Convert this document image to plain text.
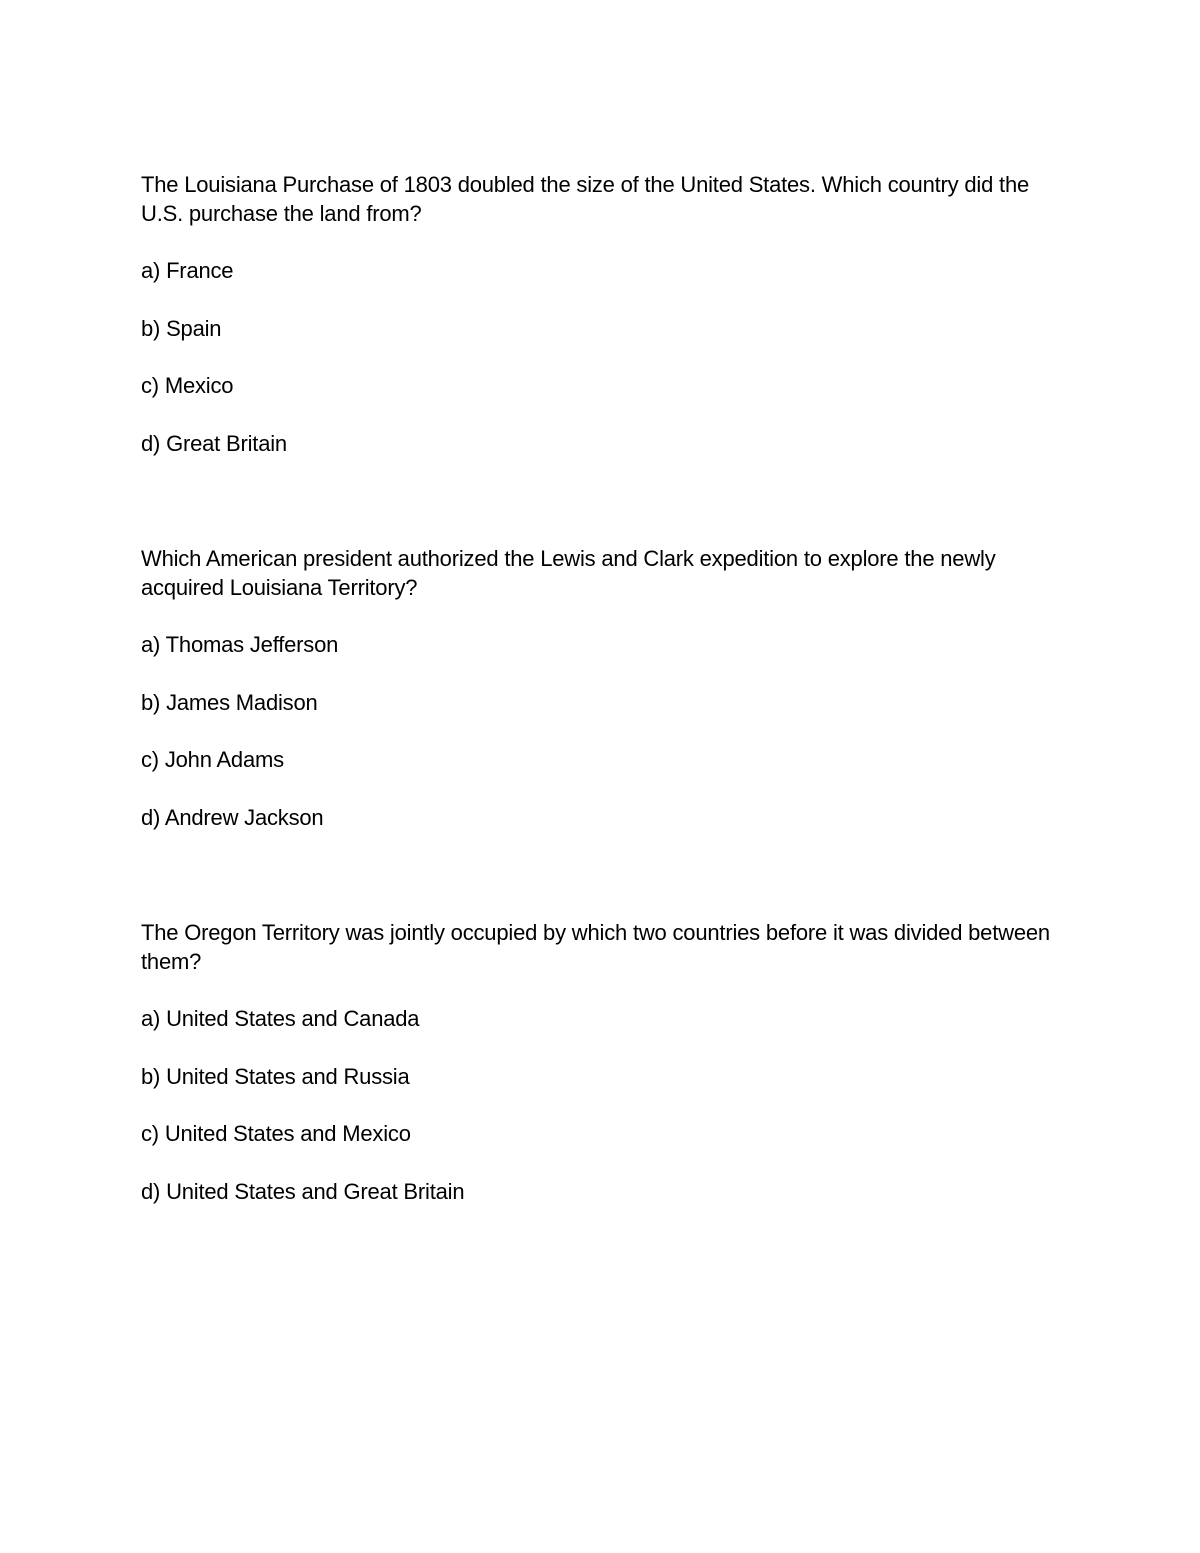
The Louisiana Purchase of 1803 doubled the size of the United States. Which country did the U.S. purchase the land from?

a) France
b) Spain
c) Mexico
d) Great Britain

Which American president authorized the Lewis and Clark expedition to explore the newly acquired Louisiana Territory?

a) Thomas Jefferson
b) James Madison
c) John Adams
d) Andrew Jackson

The Oregon Territory was jointly occupied by which two countries before it was divided between them?

a) United States and Canada
b) United States and Russia
c) United States and Mexico
d) United States and Great Britain
